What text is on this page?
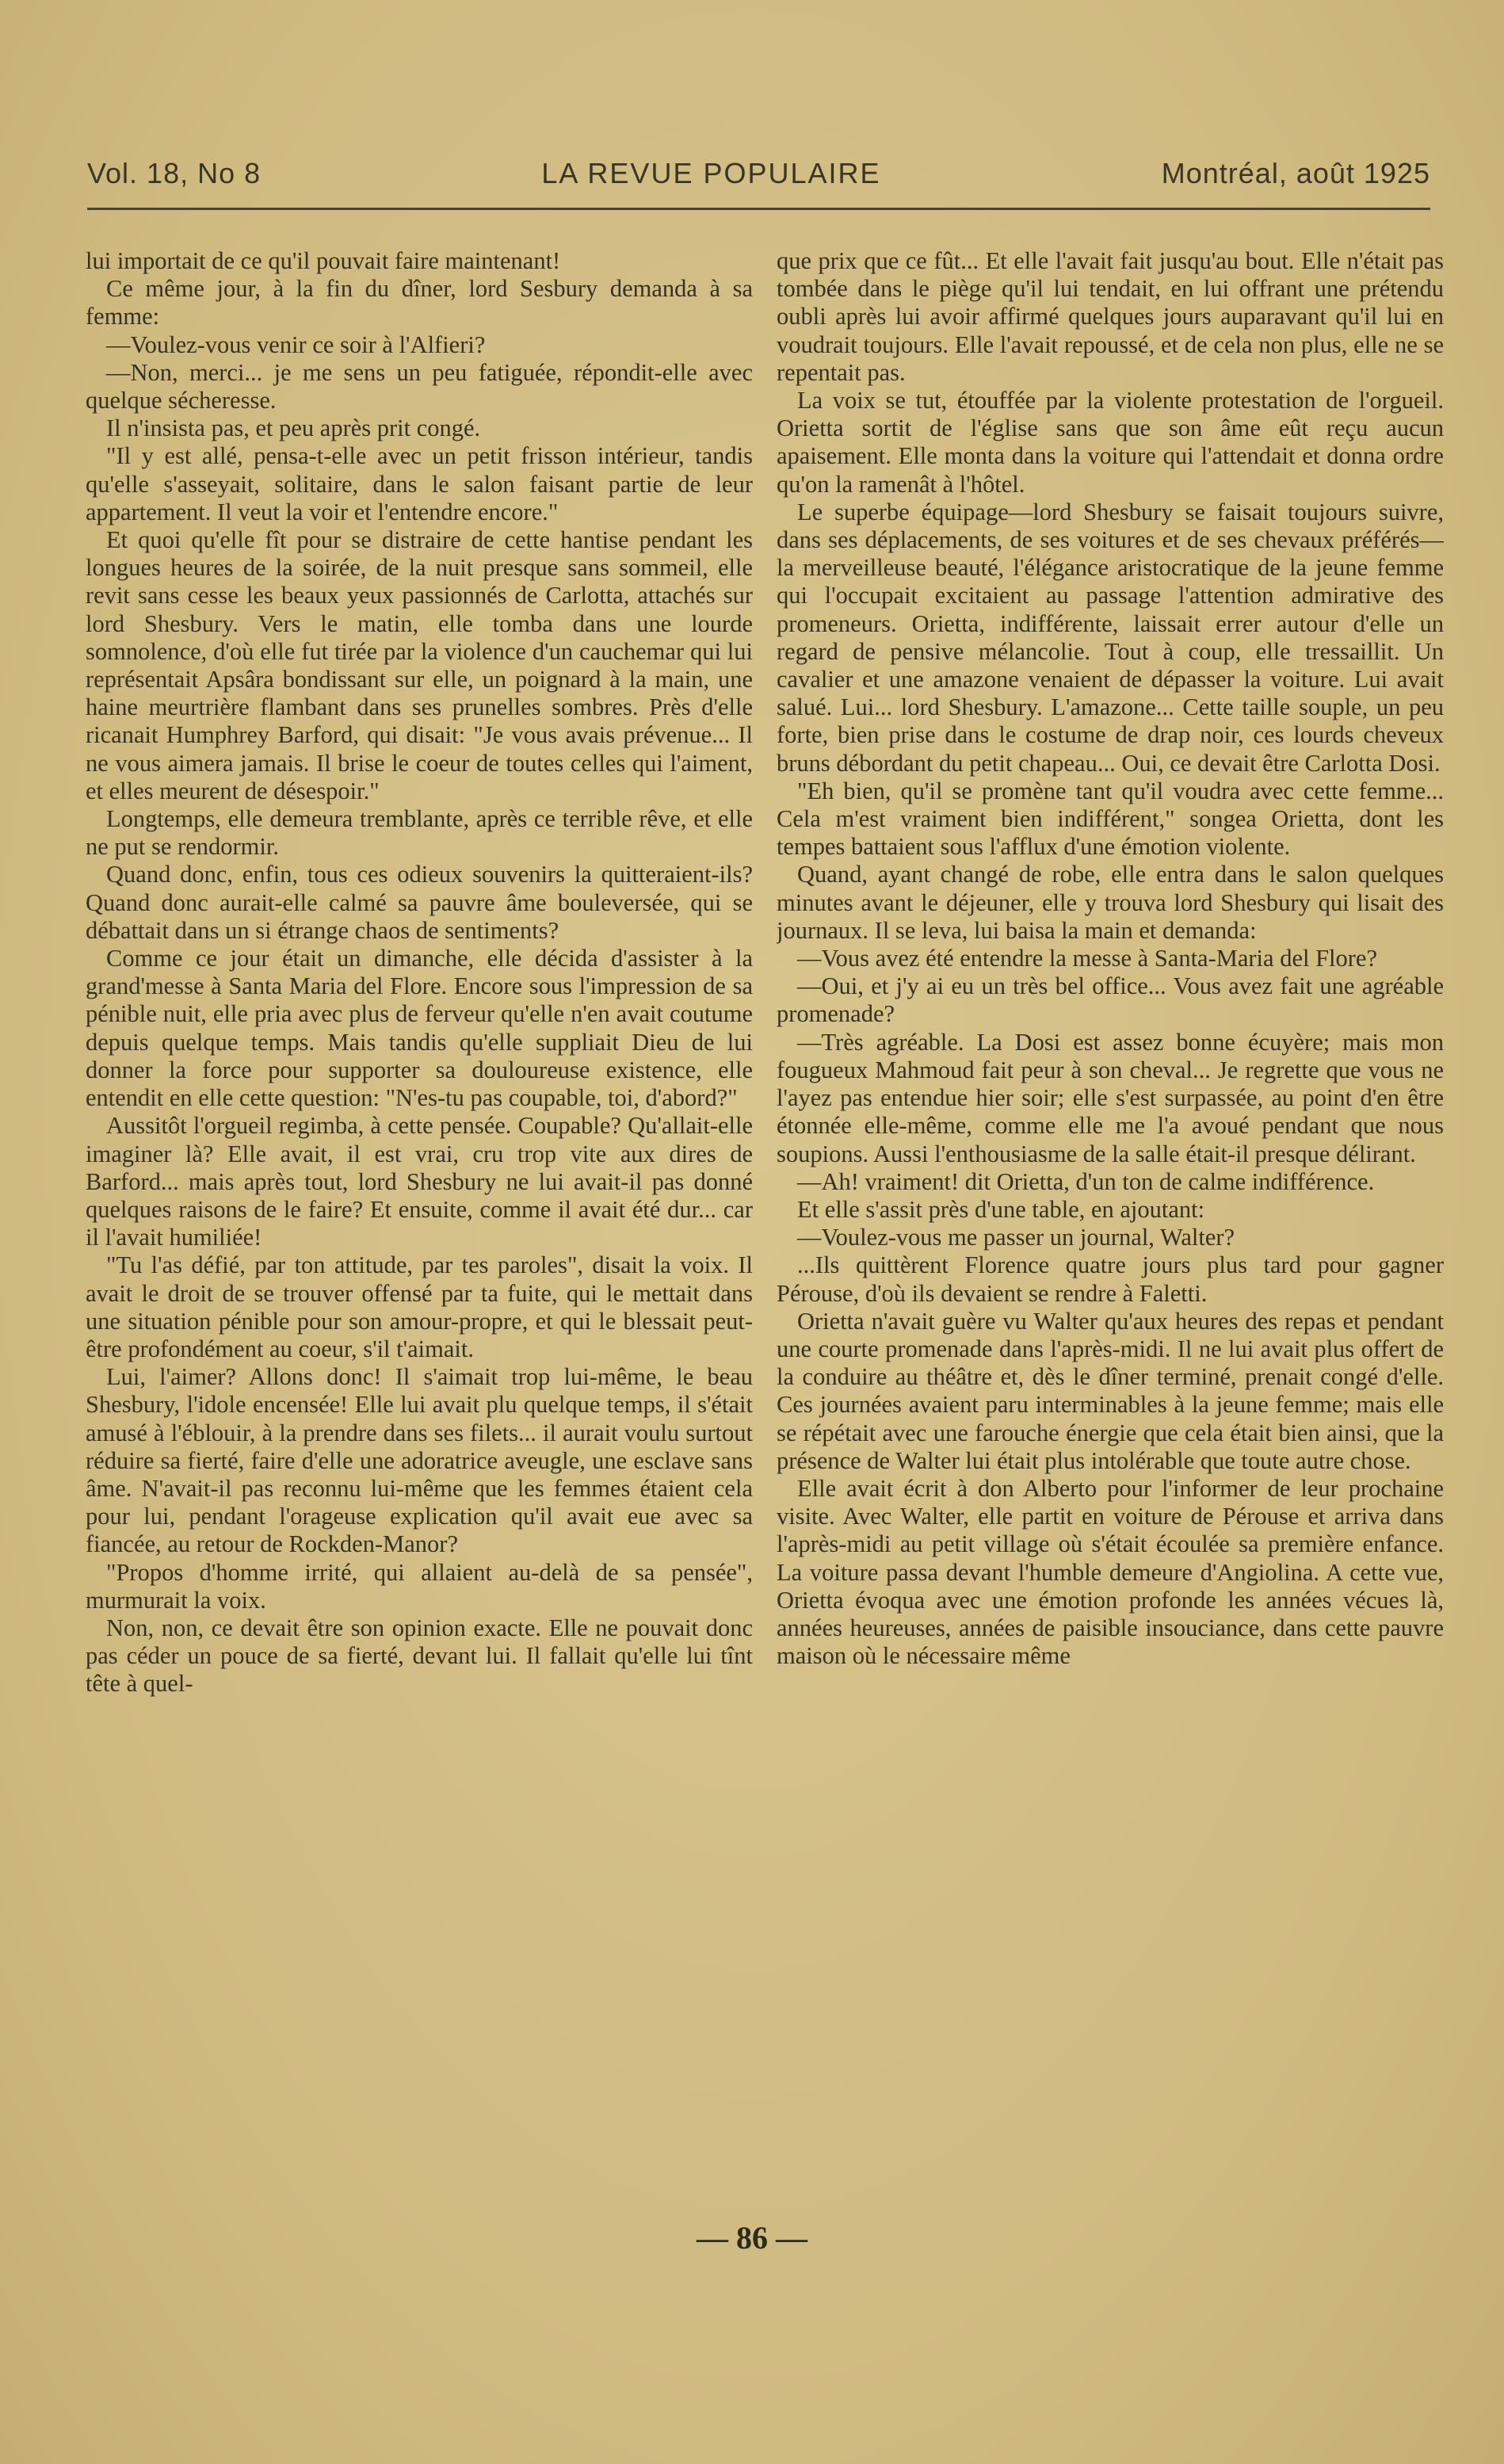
Vol. 18, No 8	LA REVUE POPULAIRE	Montréal, août 1925

lui importait de ce qu'il pouvait faire maintenant!

Ce même jour, à la fin du dîner, lord Sesbury demanda à sa femme:

—Voulez-vous venir ce soir à l'Alfieri?

—Non, merci... je me sens un peu fatiguée, répondit-elle avec quelque sécheresse.

Il n'insista pas, et peu après prit congé.

"Il y est allé, pensa-t-elle avec un petit frisson intérieur, tandis qu'elle s'asseyait, solitaire, dans le salon faisant partie de leur appartement. Il veut la voir et l'entendre encore."

Et quoi qu'elle fît pour se distraire de cette hantise pendant les longues heures de la soirée, de la nuit presque sans sommeil, elle revit sans cesse les beaux yeux passionnés de Carlotta, attachés sur lord Shesbury. Vers le matin, elle tomba dans une lourde somnolence, d'où elle fut tirée par la violence d'un cauchemar qui lui représentait Apsâra bondissant sur elle, un poignard à la main, une haine meurtrière flambant dans ses prunelles sombres. Près d'elle ricanait Humphrey Barford, qui disait: "Je vous avais prévenue... Il ne vous aimera jamais. Il brise le coeur de toutes celles qui l'aiment, et elles meurent de désespoir."

Longtemps, elle demeura tremblante, après ce terrible rêve, et elle ne put se rendormir.

Quand donc, enfin, tous ces odieux souvenirs la quitteraient-ils? Quand donc aurait-elle calmé sa pauvre âme bouleversée, qui se débattait dans un si étrange chaos de sentiments?

Comme ce jour était un dimanche, elle décida d'assister à la grand'messe à Santa Maria del Flore. Encore sous l'impression de sa pénible nuit, elle pria avec plus de ferveur qu'elle n'en avait coutume depuis quelque temps. Mais tandis qu'elle suppliait Dieu de lui donner la force pour supporter sa douloureuse existence, elle entendit en elle cette question: "N'es-tu pas coupable, toi, d'abord?"

Aussitôt l'orgueil regimba, à cette pensée. Coupable? Qu'allait-elle imaginer là? Elle avait, il est vrai, cru trop vite aux dires de Barford... mais après tout, lord Shesbury ne lui avait-il pas donné quelques raisons de le faire? Et ensuite, comme il avait été dur... car il l'avait humiliée!

"Tu l'as défié, par ton attitude, par tes paroles", disait la voix. Il avait le droit de se trouver offensé par ta fuite, qui le mettait dans une situation pénible pour son amour-propre, et qui le blessait peut-être profondément au coeur, s'il t'aimait.

Lui, l'aimer? Allons donc! Il s'aimait trop lui-même, le beau Shesbury, l'idole encensée! Elle lui avait plu quelque temps, il s'était amusé à l'éblouir, à la prendre dans ses filets... il aurait voulu surtout réduire sa fierté, faire d'elle une adoratrice aveugle, une esclave sans âme. N'avait-il pas reconnu lui-même que les femmes étaient cela pour lui, pendant l'orageuse explication qu'il avait eue avec sa fiancée, au retour de Rockden-Manor?

"Propos d'homme irrité, qui allaient au-delà de sa pensée", murmurait la voix.

Non, non, ce devait être son opinion exacte. Elle ne pouvait donc pas céder un pouce de sa fierté, devant lui. Il fallait qu'elle lui tînt tête à quel-

que prix que ce fût... Et elle l'avait fait jusqu'au bout. Elle n'était pas tombée dans le piège qu'il lui tendait, en lui offrant une prétendu oubli après lui avoir affirmé quelques jours auparavant qu'il lui en voudrait toujours. Elle l'avait repoussé, et de cela non plus, elle ne se repentait pas.

La voix se tut, étouffée par la violente protestation de l'orgueil. Orietta sortit de l'église sans que son âme eût reçu aucun apaisement. Elle monta dans la voiture qui l'attendait et donna ordre qu'on la ramenât à l'hôtel.

Le superbe équipage—lord Shesbury se faisait toujours suivre, dans ses déplacements, de ses voitures et de ses chevaux préférés—la merveilleuse beauté, l'élégance aristocratique de la jeune femme qui l'occupait excitaient au passage l'attention admirative des promeneurs. Orietta, indifférente, laissait errer autour d'elle un regard de pensive mélancolie. Tout à coup, elle tressaillit. Un cavalier et une amazone venaient de dépasser la voiture. Lui avait salué. Lui... lord Shesbury. L'amazone... Cette taille souple, un peu forte, bien prise dans le costume de drap noir, ces lourds cheveux bruns débordant du petit chapeau... Oui, ce devait être Carlotta Dosi.

"Eh bien, qu'il se promène tant qu'il voudra avec cette femme... Cela m'est vraiment bien indifférent," songea Orietta, dont les tempes battaient sous l'afflux d'une émotion violente.

Quand, ayant changé de robe, elle entra dans le salon quelques minutes avant le déjeuner, elle y trouva lord Shesbury qui lisait des journaux. Il se leva, lui baisa la main et demanda:

—Vous avez été entendre la messe à Santa-Maria del Flore?

—Oui, et j'y ai eu un très bel office... Vous avez fait une agréable promenade?

—Très agréable. La Dosi est assez bonne écuyère; mais mon fougueux Mahmoud fait peur à son cheval... Je regrette que vous ne l'ayez pas entendue hier soir; elle s'est surpassée, au point d'en être étonnée elle-même, comme elle me l'a avoué pendant que nous soupions. Aussi l'enthousiasme de la salle était-il presque délirant.

—Ah! vraiment! dit Orietta, d'un ton de calme indifférence.

Et elle s'assit près d'une table, en ajoutant:

—Voulez-vous me passer un journal, Walter?

...Ils quittèrent Florence quatre jours plus tard pour gagner Pérouse, d'où ils devaient se rendre à Faletti.

Orietta n'avait guère vu Walter qu'aux heures des repas et pendant une courte promenade dans l'après-midi. Il ne lui avait plus offert de la conduire au théâtre et, dès le dîner terminé, prenait congé d'elle. Ces journées avaient paru interminables à la jeune femme; mais elle se répétait avec une farouche énergie que cela était bien ainsi, que la présence de Walter lui était plus intolérable que toute autre chose.

Elle avait écrit à don Alberto pour l'informer de leur prochaine visite. Avec Walter, elle partit en voiture de Pérouse et arriva dans l'après-midi au petit village où s'était écoulée sa première enfance. La voiture passa devant l'humble demeure d'Angiolina. A cette vue, Orietta évoqua avec une émotion profonde les années vécues là, années heureuses, années de paisible insouciance, dans cette pauvre maison où le nécessaire même

— 86 —
